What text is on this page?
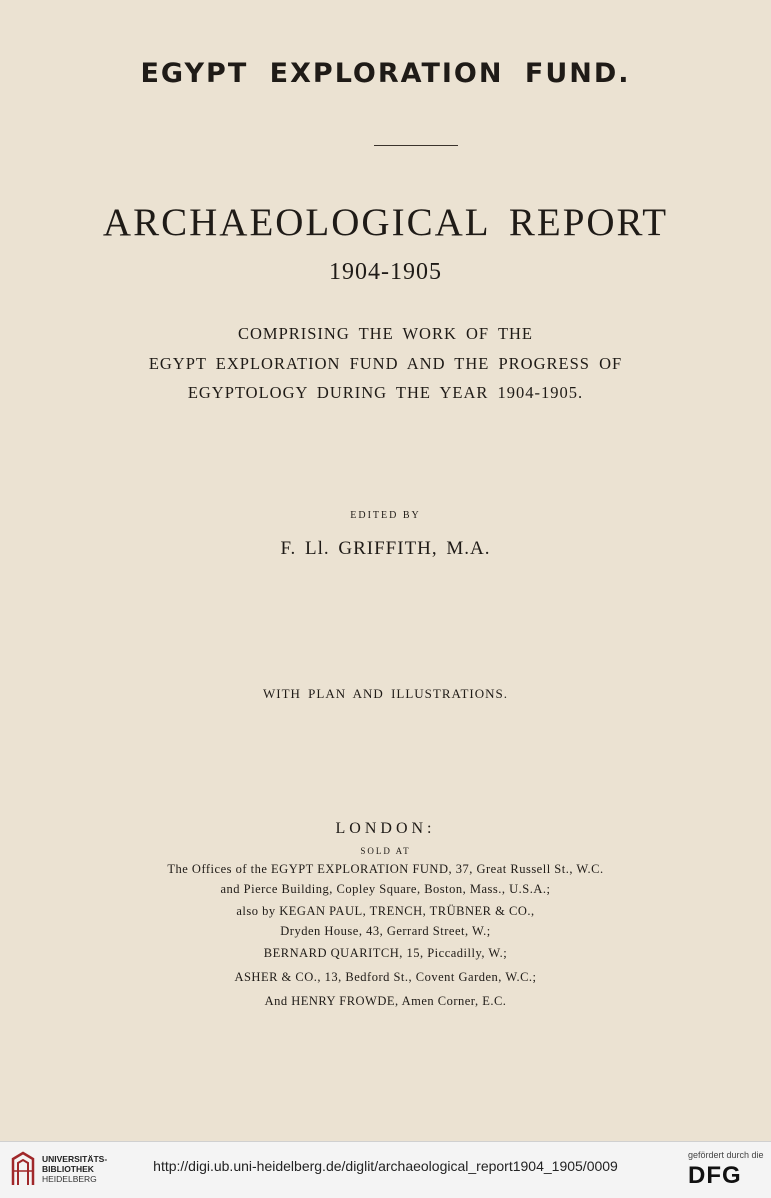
EGYPT EXPLORATION FUND.
ARCHAEOLOGICAL REPORT
1904-1905
COMPRISING THE WORK OF THE
EGYPT EXPLORATION FUND AND THE PROGRESS OF
EGYPTOLOGY DURING THE YEAR 1904-1905.
EDITED BY
F. Ll. GRIFFITH, M.A.
WITH PLAN AND ILLUSTRATIONS.
LONDON:
SOLD AT
The Offices of the EGYPT EXPLORATION FUND, 37, Great Russell St., W.C.
and Pierce Building, Copley Square, Boston, Mass., U.S.A.;
also by KEGAN PAUL, TRENCH, TRÜBNER & CO.,
Dryden House, 43, Gerrard Street, W.;
BERNARD QUARITCH, 15, Piccadilly, W.;
ASHER & CO., 13, Bedford St., Covent Garden, W.C.;
And HENRY FROWDE, Amen Corner, E.C.
UNIVERSITÄTS-
BIBLIOTHEK
HEIDELBERG
http://digi.ub.uni-heidelberg.de/diglit/archaeological_report1904_1905/0009
gefördert durch die
DFG
